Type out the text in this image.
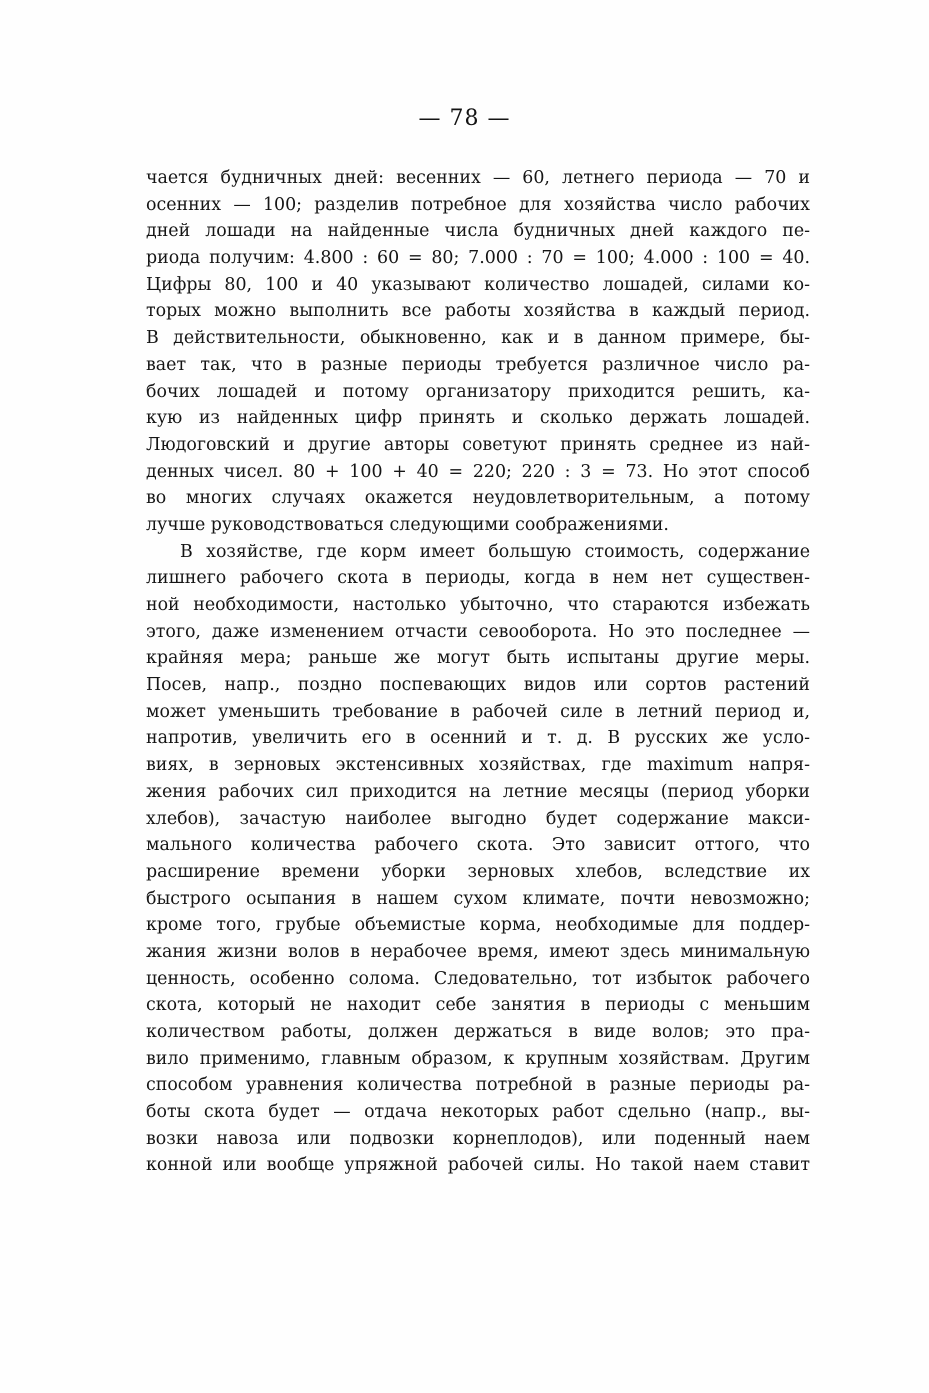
— 78 —
чается будничных дней: весенних — 60, летнего периода — 70 и
осенних — 100; разделив потребное для хозяйства число рабочих
дней лошади на найденные числа будничных дней каждого пе-
риода получим: 4.800 : 60 = 80; 7.000 : 70 = 100; 4.000 : 100 = 40.
Цифры 80, 100 и 40 указывают количество лошадей, силами ко-
торых можно выполнить все работы хозяйства в каждый период.
В действительности, обыкновенно, как и в данном примере, бы-
вает так, что в разные периоды требуется различное число ра-
бочих лошадей и потому организатору приходится решить, ка-
кую из найденных цифр принять и сколько держать лошадей.
Людоговский и другие авторы советуют принять среднее из най-
денных чисел. 80 + 100 + 40 = 220; 220 : 3 = 73. Но этот способ
во многих случаях окажется неудовлетворительным, а потому
лучше руководствоваться следующими соображениями.
В хозяйстве, где корм имеет большую стоимость, содержание
лишнего рабочего скота в периоды, когда в нем нет существен-
ной необходимости, настолько убыточно, что стараются избежать
этого, даже изменением отчасти севооборота. Но это последнее —
крайняя мера; раньше же могут быть испытаны другие меры.
Посев, напр., поздно поспевающих видов или сортов растений
может уменьшить требование в рабочей силе в летний период и,
напротив, увеличить его в осенний и т. д. В русских же усло-
виях, в зерновых экстенсивных хозяйствах, где maximum напря-
жения рабочих сил приходится на летние месяцы (период уборки
хлебов), зачастую наиболее выгодно будет содержание макси-
мального количества рабочего скота. Это зависит оттого, что
расширение времени уборки зерновых хлебов, вследствие их
быстрого осыпания в нашем сухом климате, почти невозможно;
кроме того, грубые объемистые корма, необходимые для поддер-
жания жизни волов в нерабочее время, имеют здесь минимальную
ценность, особенно солома. Следовательно, тот избыток рабочего
скота, который не находит себе занятия в периоды с меньшим
количеством работы, должен держаться в виде волов; это пра-
вило применимо, главным образом, к крупным хозяйствам. Другим
способом уравнения количества потребной в разные периоды ра-
боты скота будет — отдача некоторых работ сдельно (напр., вы-
возки навоза или подвозки корнеплодов), или поденный наем
конной или вообще упряжной рабочей силы. Но такой наем ставит
